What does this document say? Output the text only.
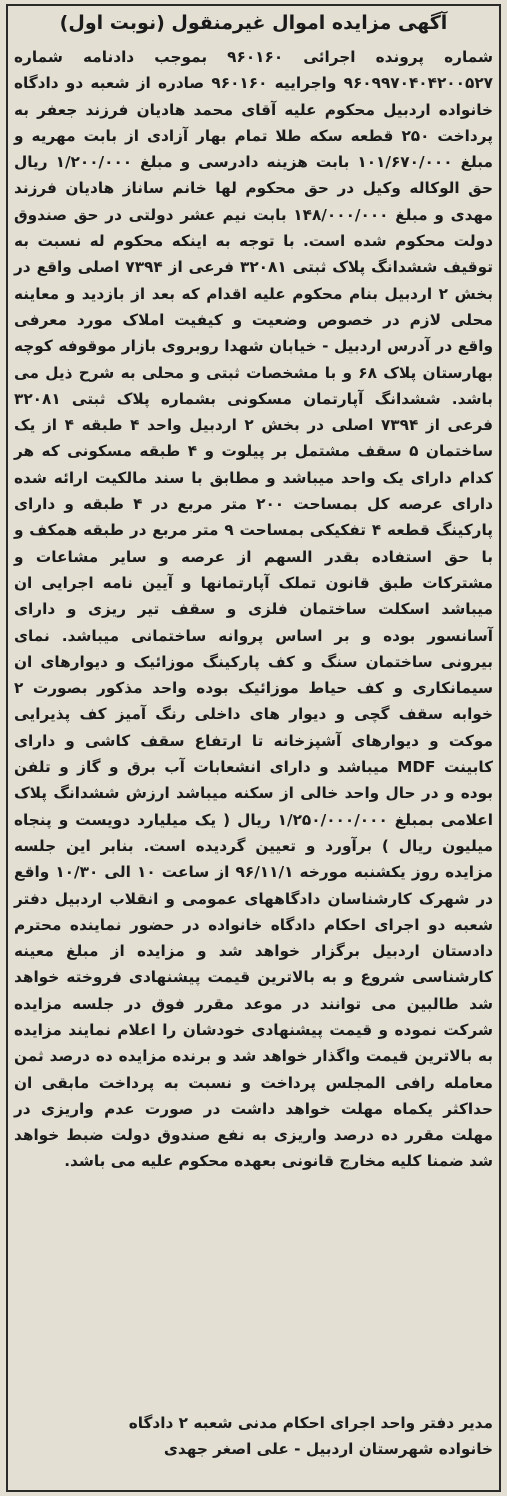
آگهی مزایده اموال غیرمنقول (نوبت اول)
شماره پرونده اجرائی ۹۶۰۱۶۰ بموجب دادنامه شماره ۹۶۰۹۹۷۰۴۰۴۲۰۰۵۲۷ واجراییه ۹۶۰۱۶۰ صادره از شعبه دو دادگاه خانواده اردبیل محکوم علیه آقای محمد هادیان فرزند جعفر به پرداخت ۲۵۰ قطعه سکه طلا تمام بهار آزادی از بابت مهریه و مبلغ ۱۰۱/۶۷۰/۰۰۰ بابت هزینه دادرسی و مبلغ ۱/۲۰۰/۰۰۰ ریال حق الوکاله وکیل در حق محکوم لها خانم ساناز هادیان فرزند مهدی و مبلغ ۱۴۸/۰۰۰/۰۰۰ بابت نیم عشر دولتی در حق صندوق دولت محکوم شده است. با توجه به اینکه محکوم له نسبت به توقیف ششدانگ پلاک ثبتی ۳۲۰۸۱ فرعی از ۷۳۹۴ اصلی واقع در بخش ۲ اردبیل بنام محکوم علیه اقدام که بعد از بازدید و معاینه محلی لازم در خصوص وضعیت و کیفیت املاک مورد معرفی واقع در آدرس اردبیل - خیابان شهدا روبروی بازار موقوفه کوچه بهارستان پلاک ۶۸ و با مشخصات ثبتی و محلی به شرح ذیل می باشد. ششدانگ آپارتمان مسکونی بشماره پلاک ثبتی ۳۲۰۸۱ فرعی از ۷۳۹۴ اصلی در بخش ۲ اردبیل واحد ۴ طبقه ۴ از یک ساختمان ۵ سقف مشتمل بر پیلوت و ۴ طبقه مسکونی که هر کدام دارای یک واحد میباشد و مطابق با سند مالکیت ارائه شده دارای عرصه کل بمساحت ۲۰۰ متر مربع در ۴ طبقه و دارای پارکینگ قطعه ۴ تفکیکی بمساحت ۹ متر مربع در طبقه همکف و با حق استفاده بقدر السهم از عرصه و سایر مشاعات و مشترکات طبق قانون تملک آپارتمانها و آیین نامه اجرایی ان میباشد اسکلت ساختمان فلزی و سقف تیر ریزی و دارای آسانسور بوده و بر اساس پروانه ساختمانی میباشد. نمای بیرونی ساختمان سنگ و کف پارکینگ موزائیک و دیوارهای ان سیمانکاری و کف حیاط موزائیک بوده واحد مذکور بصورت ۲ خوابه سقف گچی و دیوار های داخلی رنگ آمیز کف پذیرایی موکت و دیوارهای آشپزخانه تا ارتفاع سقف کاشی و دارای کابینت MDF میباشد و دارای انشعابات آب برق و گاز و تلفن بوده و در حال واحد خالی از سکنه میباشد ارزش ششدانگ پلاک اعلامی بمبلغ ۱/۲۵۰/۰۰۰/۰۰۰ ریال ( یک میلیارد دویست و پنجاه میلیون ریال ) برآورد و تعیین گردیده است. بنابر این جلسه مزایده روز یکشنبه مورخه ۹۶/۱۱/۱ از ساعت ۱۰ الی ۱۰/۳۰ واقع در شهرک کارشناسان دادگاههای عمومی و انقلاب اردبیل دفتر شعبه دو اجرای احکام دادگاه خانواده در حضور نماینده محترم دادستان اردبیل برگزار خواهد شد و مزایده از مبلغ معینه کارشناسی شروع و به بالاترین قیمت پیشنهادی فروخته خواهد شد طالبین می توانند در موعد مقرر فوق در جلسه مزایده شرکت نموده و قیمت پیشنهادی خودشان را اعلام نمایند مزایده به بالاترین قیمت واگذار خواهد شد و برنده مزایده ده درصد ثمن معامله رافی المجلس پرداخت و نسبت به پرداخت مابقی ان حداکثر یکماه مهلت خواهد داشت در صورت عدم واریزی در مهلت مقرر ده درصد واریزی به نفع صندوق دولت ضبط خواهد شد ضمنا کلیه مخارج قانونی بعهده محکوم علیه می باشد.
مدیر دفتر واحد اجرای احکام مدنی شعبه ۲ دادگاه
خانواده شهرستان اردبیل - علی اصغر جهدی
